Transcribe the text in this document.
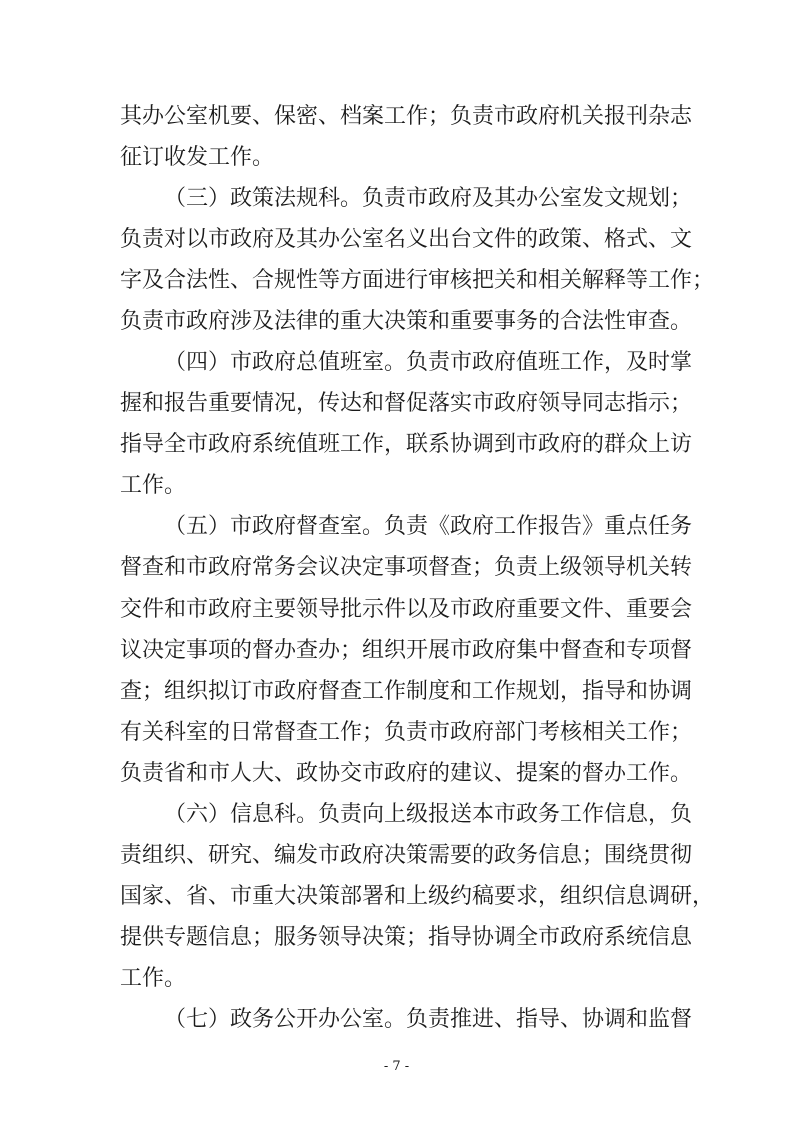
其办公室机要、保密、档案工作；负责市政府机关报刊杂志
征订收发工作。
（三）政策法规科。负责市政府及其办公室发文规划；
负责对以市政府及其办公室名义出台文件的政策、格式、文
字及合法性、合规性等方面进行审核把关和相关解释等工作；
负责市政府涉及法律的重大决策和重要事务的合法性审查。
（四）市政府总值班室。负责市政府值班工作，及时掌
握和报告重要情况，传达和督促落实市政府领导同志指示；
指导全市政府系统值班工作，联系协调到市政府的群众上访
工作。
（五）市政府督查室。负责《政府工作报告》重点任务
督查和市政府常务会议决定事项督查；负责上级领导机关转
交件和市政府主要领导批示件以及市政府重要文件、重要会
议决定事项的督办查办；组织开展市政府集中督查和专项督
查；组织拟订市政府督查工作制度和工作规划，指导和协调
有关科室的日常督查工作；负责市政府部门考核相关工作；
负责省和市人大、政协交市政府的建议、提案的督办工作。
（六）信息科。负责向上级报送本市政务工作信息，负
责组织、研究、编发市政府决策需要的政务信息；围绕贯彻
国家、省、市重大决策部署和上级约稿要求，组织信息调研，
提供专题信息；服务领导决策；指导协调全市政府系统信息
工作。
- 7 -
（七）政务公开办公室。负责推进、指导、协调和监督
